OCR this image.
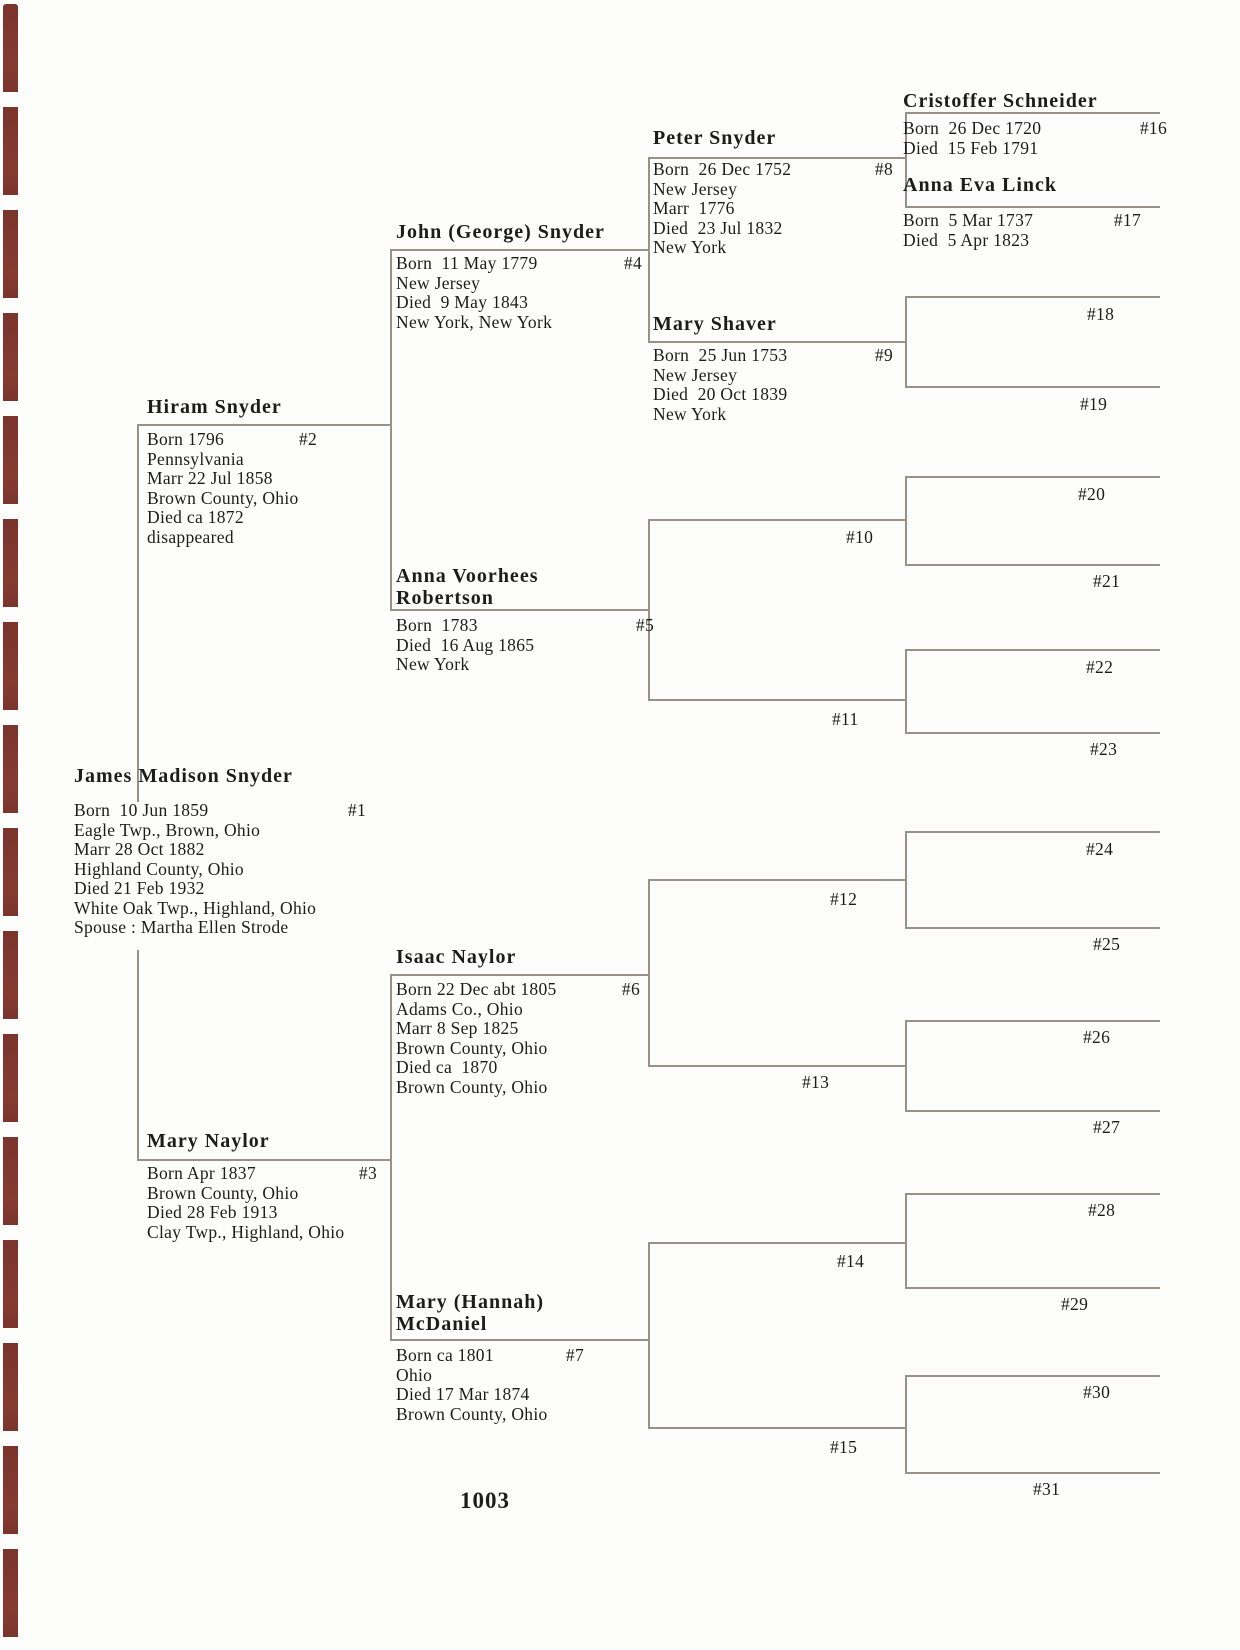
James Madison Snyder
Born  10 Jun 1859	#1
Eagle Twp., Brown, Ohio
Marr 28 Oct 1882
Highland County, Ohio
Died 21 Feb 1932
White Oak Twp., Highland, Ohio
Spouse : Martha Ellen Strode
Hiram Snyder
Born 1796	#2
Pennsylvania
Marr 22 Jul 1858
Brown County, Ohio
Died ca 1872
disappeared
Mary Naylor
Born Apr 1837	#3
Brown County, Ohio
Died 28 Feb 1913
Clay Twp., Highland, Ohio
John (George) Snyder
Born  11 May 1779	#4
New Jersey
Died  9 May 1843
New York, New York
Anna Voorhees
Robertson
Born  1783	#5
Died  16 Aug 1865
New York
Isaac Naylor
Born 22 Dec abt 1805	#6
Adams Co., Ohio
Marr 8 Sep 1825
Brown County, Ohio
Died ca  1870
Brown County, Ohio
Mary (Hannah)
McDaniel
Born ca 1801	#7
Ohio
Died 17 Mar 1874
Brown County, Ohio
Peter Snyder
Born  26 Dec 1752	#8
New Jersey
Marr  1776
Died  23 Jul 1832
New York
Mary Shaver
Born  25 Jun 1753	#9
New Jersey
Died  20 Oct 1839
New York
Cristoffer Schneider
Born  26 Dec 1720	#16
Died  15 Feb 1791
Anna Eva Linck
Born  5 Mar 1737	#17
Died  5 Apr 1823
#10
#11
#12
#13
#14
#15
#18
#19
#20
#21
#22
#23
#24
#25
#26
#27
#28
#29
#30
#31
1003
